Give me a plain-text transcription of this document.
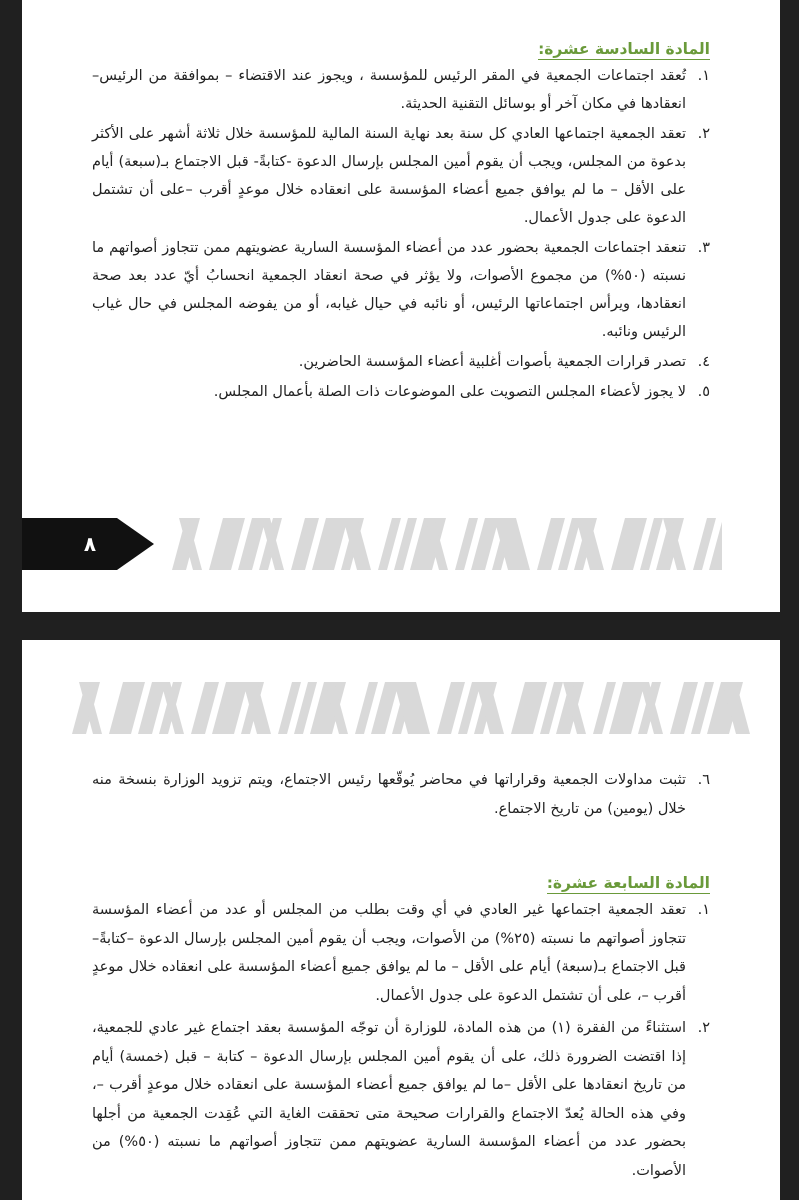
المادة السادسة عشرة:
١.

تُعقد اجتماعات الجمعية في المقر الرئيس للمؤسسة ، ويجوز عند الاقتضاء – بموافقة من الرئيس– انعقادها في مكان آخر أو بوسائل التقنية الحديثة.

٢.

تعقد الجمعية اجتماعها العادي كل سنة بعد نهاية السنة المالية للمؤسسة خلال ثلاثة أشهر على الأكثر بدعوة من المجلس، ويجب أن يقوم أمين المجلس بإرسال الدعوة -كتابةً- قبل الاجتماع بـ(سبعة) أيام على الأقل – ما لم يوافق جميع أعضاء المؤسسة على انعقاده خلال موعدٍ أقرب –على أن تشتمل الدعوة على جدول الأعمال.

٣.

تنعقد اجتماعات الجمعية بحضور عدد من أعضاء المؤسسة السارية عضويتهم ممن تتجاوز أصواتهم ما نسبته (٥٠%) من مجموع الأصوات، ولا يؤثر في صحة انعقاد الجمعية انحسابُ أيّ عدد بعد صحة انعقادها، ويرأس اجتماعاتها الرئيس، أو نائبه في حيال غيابه، أو من يفوضه المجلس في حال غياب الرئيس ونائبه.

٤.

تصدر قرارات الجمعية بأصوات أغلبية أعضاء المؤسسة الحاضرين.

٥.

لا يجوز لأعضاء المجلس التصويت على الموضوعات ذات الصلة بأعمال المجلس.

٨
٦.

تثبت مداولات الجمعية وقراراتها في محاضر يُوقّعها رئيس الاجتماع، ويتم تزويد الوزارة بنسخة منه خلال (يومين) من تاريخ الاجتماع.

المادة السابعة عشرة:
١.

تعقد الجمعية اجتماعها غير العادي في أي وقت بطلب من المجلس أو عدد من أعضاء المؤسسة تتجاوز أصواتهم ما نسبته (٢٥%) من الأصوات، ويجب أن يقوم أمين المجلس بإرسال الدعوة –كتابةً– قبل الاجتماع بـ(سبعة) أيام على الأقل – ما لم يوافق جميع أعضاء المؤسسة على انعقاده خلال موعدٍ أقرب –، على أن تشتمل الدعوة على جدول الأعمال.

٢.

استثناءً من الفقرة (١) من هذه المادة، للوزارة أن توجّه المؤسسة بعقد اجتماع غير عادي للجمعية، إذا اقتضت الضرورة ذلك، على أن يقوم أمين المجلس بإرسال الدعوة – كتابة – قبل (خمسة) أيام من تاريخ انعقادها على الأقل –ما لم يوافق جميع أعضاء المؤسسة على انعقاده خلال موعدٍ أقرب –، وفي هذه الحالة يُعدّ الاجتماع والقرارات صحيحة متى تحققت الغاية التي عُقِدت الجمعية من أجلها بحضور عدد من أعضاء المؤسسة السارية عضويتهم ممن تتجاوز أصواتهم ما نسبته (٥٠%) من الأصوات.
